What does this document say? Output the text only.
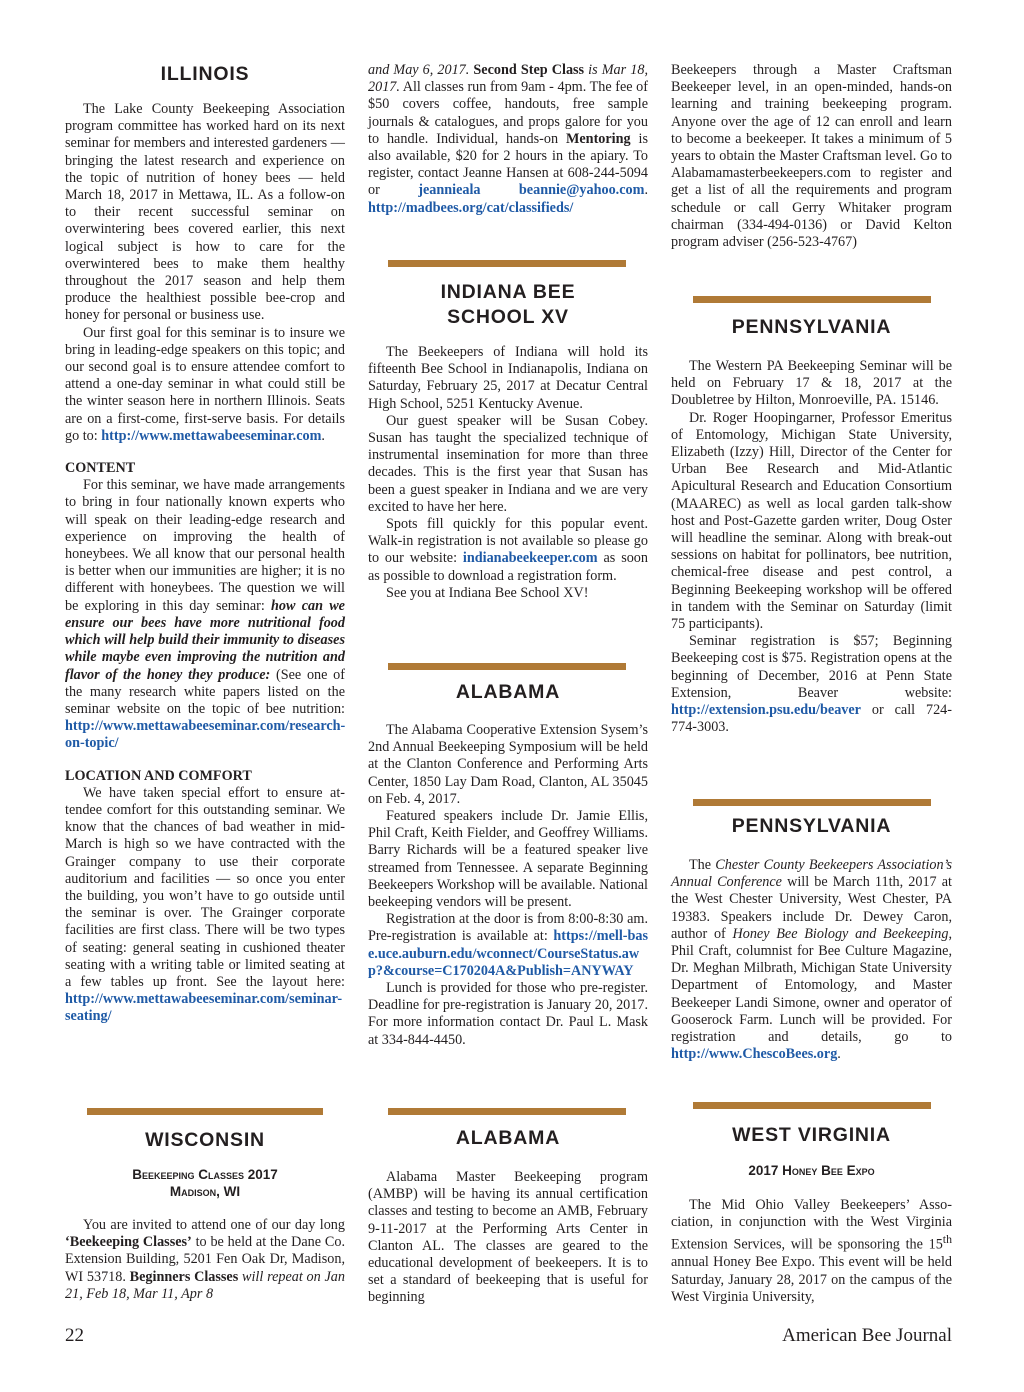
ILLINOIS

The Lake County Beekeeping Association program committee has worked hard on its next seminar for members and interested gardeners — bringing the latest research and experience on the topic of nutrition of honey bees — held March 18, 2017 in Mettawa, IL. As a follow-on to their recent successful seminar on overwintering bees covered earlier, this next logical subject is how to care for the overwintered bees to make them healthy throughout the 2017 season and help them produce the healthiest possible bee-crop and honey for personal or business use.

Our first goal for this seminar is to insure we bring in leading-edge speakers on this topic; and our second goal is to ensure attendee comfort to attend a one-day seminar in what could still be the winter season here in northern Illinois. Seats are on a first-come, first-serve basis. For details go to: http://www.mettawabeeseminar.com.

CONTENT

For this seminar, we have made arrangements to bring in four nationally known experts who will speak on their leading-edge research and experience on improving the health of honeybees. We all know that our personal health is better when our immunities are higher; it is no different with honeybees. The question we will be exploring in this day seminar: how can we ensure our bees have more nutritional food which will help build their immunity to diseases while maybe even improving the nutrition and flavor of the honey they produce: (See one of the many research white papers listed on the seminar website on the topic of bee nutrition: http://www.mettawabeeseminar.com/research-on-topic/

LOCATION AND COMFORT

We have taken special effort to ensure attendee comfort for this outstanding seminar. We know that the chances of bad weather in mid-March is high so we have contracted with the Grainger company to use their corporate auditorium and facilities — so once you enter the building, you won’t have to go outside until the seminar is over. The Grainger corporate facilities are first class. There will be two types of seating: general seating in cushioned theater seating with a writing table or limited seating at a few tables up front. See the layout here: http://www.mettawabeeseminar.com/seminar-seating/

WISCONSIN
Beekeeping Classes 2017
Madison, WI

You are invited to attend one of our day long ‘Beekeeping Classes’ to be held at the Dane Co. Extension Building, 5201 Fen Oak Dr, Madison, WI 53718. Beginners Classes will repeat on Jan 21, Feb 18, Mar 11, Apr 8

and May 6, 2017. Second Step Class is Mar 18, 2017. All classes run from 9am - 4pm. The fee of $50 covers coffee, handouts, free sample journals & catalogues, and props galore for you to handle. Individual, hands-on Mentoring is also available, $20 for 2 hours in the apiary. To register, contact Jeanne Hansen at 608-244-5094 or jeannieala beannie@yahoo.com. http://madbees.org/cat/classifieds/

INDIANA BEE
SCHOOL XV

The Beekeepers of Indiana will hold its fifteenth Bee School in Indianapolis, Indiana on Saturday, February 25, 2017 at Decatur Central High School, 5251 Kentucky Avenue.

Our guest speaker will be Susan Cobey. Susan has taught the specialized technique of instrumental insemination for more than three decades. This is the first year that Susan has been a guest speaker in Indiana and we are very excited to have her here.

Spots fill quickly for this popular event. Walk-in registration is not available so please go to our website: indianabeekeeper.com as soon as possible to download a registration form.

See you at Indiana Bee School XV!

ALABAMA

The Alabama Cooperative Extension Sysem’s 2nd Annual Beekeeping Symposium will be held at the Clanton Conference and Performing Arts Center, 1850 Lay Dam Road, Clanton, AL 35045 on Feb. 4, 2017.

Featured speakers include Dr. Jamie Ellis, Phil Craft, Keith Fielder, and Geoffrey Williams. Barry Richards will be a featured speaker live streamed from Tennessee. A separate Beginning Beekeepers Workshop will be available. National beekeeping vendors will be present.

Registration at the door is from 8:00-8:30 am. Pre-registration is available at: https://mell-base.uce.auburn.edu/wconnect/CourseStatus.awp?&course=C170204A&Publish=ANYWAY

Lunch is provided for those who pre-register. Deadline for pre-registration is January 20, 2017. For more information contact Dr. Paul L. Mask at 334-844-4450.

ALABAMA

Alabama Master Beekeeping program (AMBP) will be having its annual certification classes and testing to become an AMB, February 9-11-2017 at the Performing Arts Center in Clanton AL. The classes are geared to the educational development of beekeepers. It is to set a standard of beekeeping that is useful for beginning

Beekeepers through a Master Craftsman Beekeeper level, in an open-minded, hands-on learning and training beekeeping program. Anyone over the age of 12 can enroll and learn to become a beekeeper. It takes a minimum of 5 years to obtain the Master Craftsman level. Go to Alabamamasterbeekeepers.com to register and get a list of all the requirements and program schedule or call Gerry Whitaker program chairman (334-494-0136) or David Kelton program adviser (256-523-4767)

PENNSYLVANIA

The Western PA Beekeeping Seminar will be held on February 17 & 18, 2017 at the Doubletree by Hilton, Monroeville, PA. 15146.

Dr. Roger Hoopingarner, Professor Emeritus of Entomology, Michigan State University, Elizabeth (Izzy) Hill, Director of the Center for Urban Bee Research and Mid-Atlantic Apicultural Research and Education Consortium (MAAREC) as well as local garden talk-show host and Post-Gazette garden writer, Doug Oster will headline the seminar. Along with break-out sessions on habitat for pollinators, bee nutrition, chemical-free disease and pest control, a Beginning Beekeeping workshop will be offered in tandem with the Seminar on Saturday (limit 75 participants).

Seminar registration is $57; Beginning Beekeeping cost is $75. Registration opens at the beginning of December, 2016 at Penn State Extension, Beaver website: http://extension.psu.edu/beaver or call 724-774-3003.

PENNSYLVANIA

The Chester County Beekeepers Association’s Annual Conference will be March 11th, 2017 at the West Chester University, West Chester, PA 19383. Speakers include Dr. Dewey Caron, author of Honey Bee Biology and Beekeeping, Phil Craft, columnist for Bee Culture Magazine, Dr. Meghan Milbrath, Michigan State University Department of Entomology, and Master Beekeeper Landi Simone, owner and operator of Gooserock Farm. Lunch will be provided. For registration and details, go to http://www.ChescoBees.org.

WEST VIRGINIA
2017 Honey Bee Expo

The Mid Ohio Valley Beekeepers’ Association, in conjunction with the West Virginia Extension Services, will be sponsoring the 15th annual Honey Bee Expo. This event will be held Saturday, January 28, 2017 on the campus of the West Virginia University,

22	American Bee Journal
